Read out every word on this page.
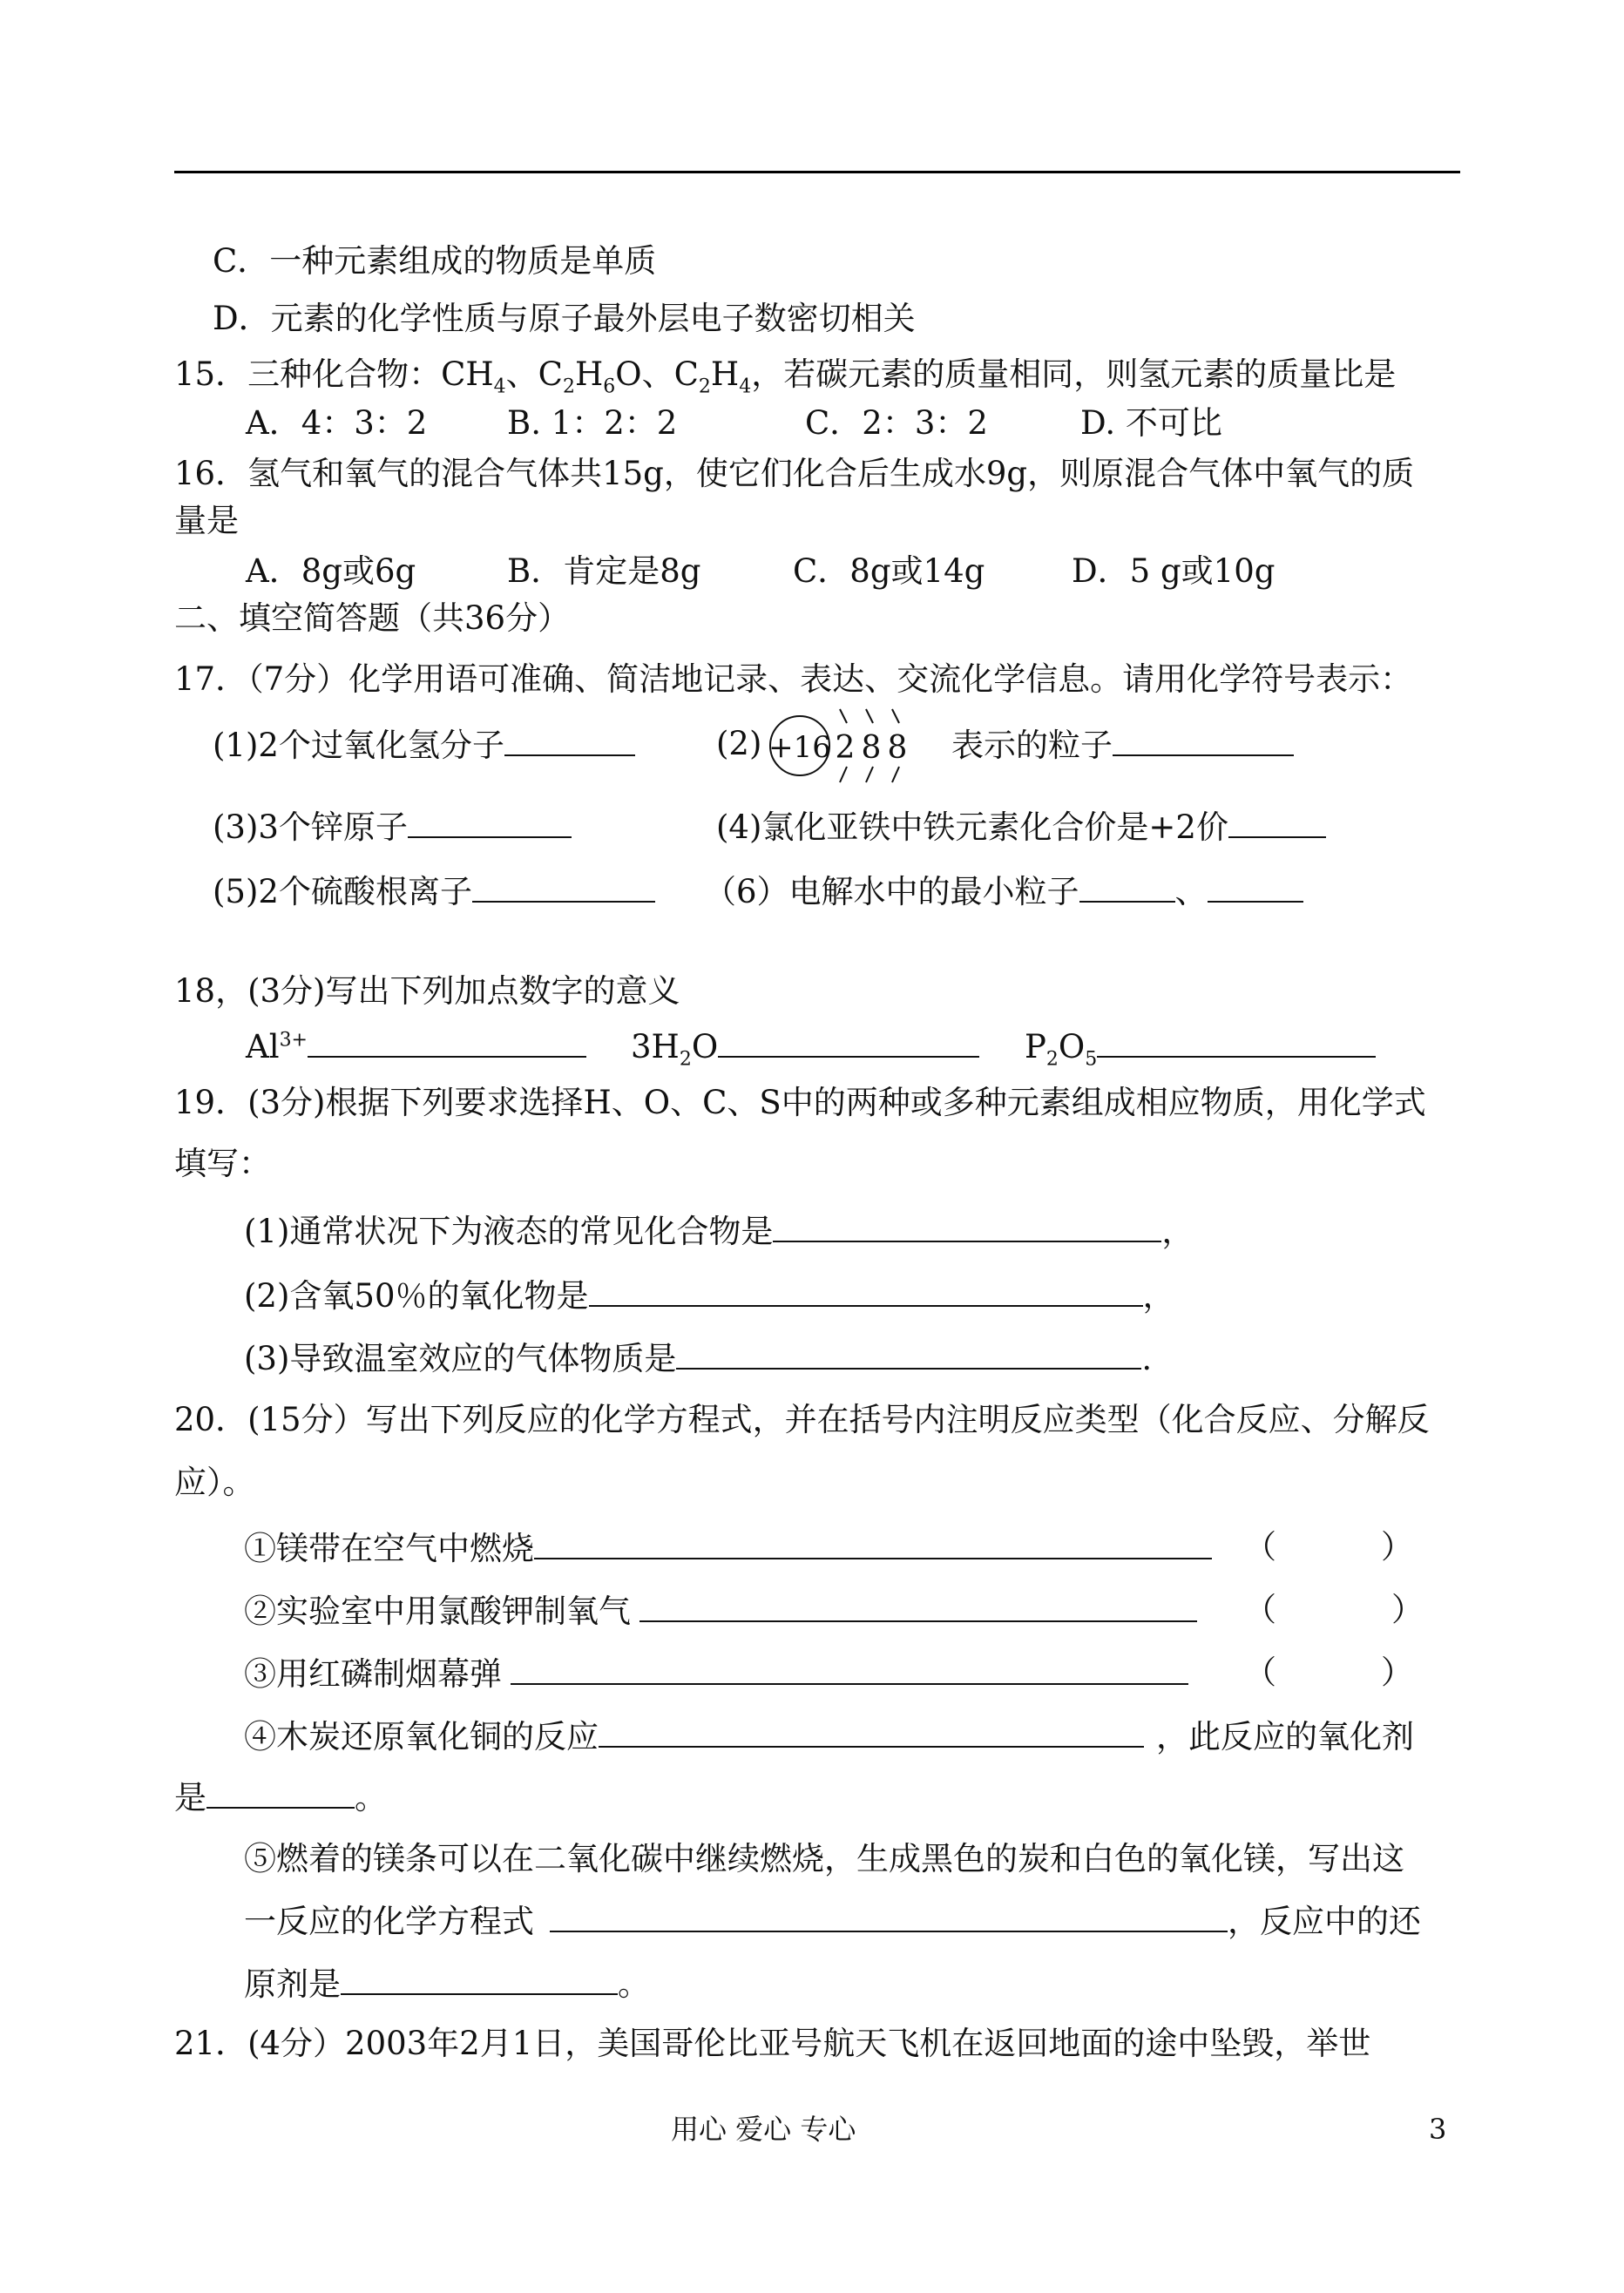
C．一种元素组成的物质是单质
D．元素的化学性质与原子最外层电子数密切相关
15．三种化合物：$CH_4$、$C_2H_6O$、$C_2H_4$，若碳元素的质量相同，则氢元素的质量比是
A．4：3：2 B. 1：2：2	C．2：3：2	D. 不可比
16．氢气和氧气的混合气体共15g，使它们化合后生成水9g，则原混合气体中氧气的质
量是
A．8g或6g	B．肯定是8g	C．8g或14g	D．5 g或10g
二、填空简答题（共36分）
17．（7分）化学用语可准确、简洁地记录、表达、交流化学信息。请用化学符号表示：
(1)2个过氧化氢分子	(2) +16 2 8 8 表示的粒子
(3)3个锌原子	(4)氯化亚铁中铁元素化合价是+2价
(5)2个硫酸根离子	（6）电解水中的最小粒子	、
18，(3分)写出下列加点数字的意义
$Al^{3+}$	$3H_2O$	$P_2O_5$
19．(3分)根据下列要求选择H、O、C、S中的两种或多种元素组成相应物质，用化学式
填写：
(1)通常状况下为液态的常见化合物是	，
(2)含氧50％的氧化物是	，
(3)导致温室效应的气体物质是	.
20．(15分）写出下列反应的化学方程式，并在括号内注明反应类型（化合反应、分解反
应）。
①镁带在空气中燃烧	（	）
②实验室中用氯酸钾制氧气	（	）
③用红磷制烟幕弹	（	）
④木炭还原氧化铜的反应	，此反应的氧化剂
是	。
⑤燃着的镁条可以在二氧化碳中继续燃烧，生成黑色的炭和白色的氧化镁，写出这
一反应的化学方程式	，反应中的还
原剂是	。
21．(4分）2003年2月1日，美国哥伦比亚号航天飞机在返回地面的途中坠毁，举世
用心 爱心 专心	3
